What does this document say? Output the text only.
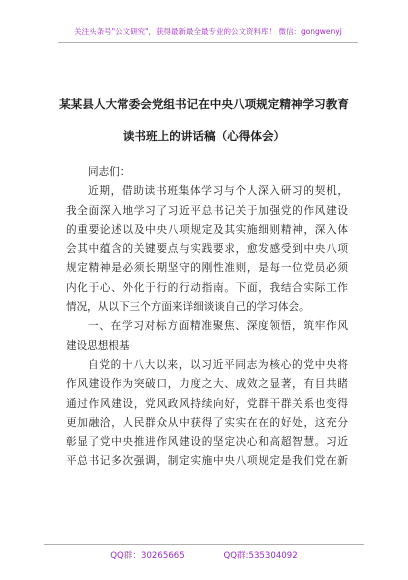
关注头条号"公文研究"，获得最新最全最专业的公文资料库！ 微信：gongwenyj
某某县人大常委会党组书记在中央八项规定精神学习教育
读书班上的讲话稿（心得体会）
同志们：
近期，借助读书班集体学习与个人深入研习的契机，
我全面深入地学习了习近平总书记关于加强党的作风建设
的重要论述以及中央八项规定及其实施细则精神，深入体
会其中蕴含的关键要点与实践要求，愈发感受到中央八项
规定精神是必须长期坚守的刚性准则，是每一位党员必须
内化于心、外化于行的行动指南。下面，我结合实际工作
情况，从以下三个方面来详细谈谈自己的学习体会。
一、在学习对标方面精准聚焦、深度领悟，筑牢作风
建设思想根基
自党的十八大以来，以习近平同志为核心的党中央将
作风建设作为突破口，力度之大、成效之显著，有目共睹
通过作风建设，党风政风持续向好，党群干群关系也变得
更加融洽，人民群众从中获得了实实在在的好处，这充分
彰显了党中央推进作风建设的坚定决心和高超智慧。习近
平总书记多次强调，制定实施中央八项规定是我们党在新
QQ群：30265665	QQ群:535304092
